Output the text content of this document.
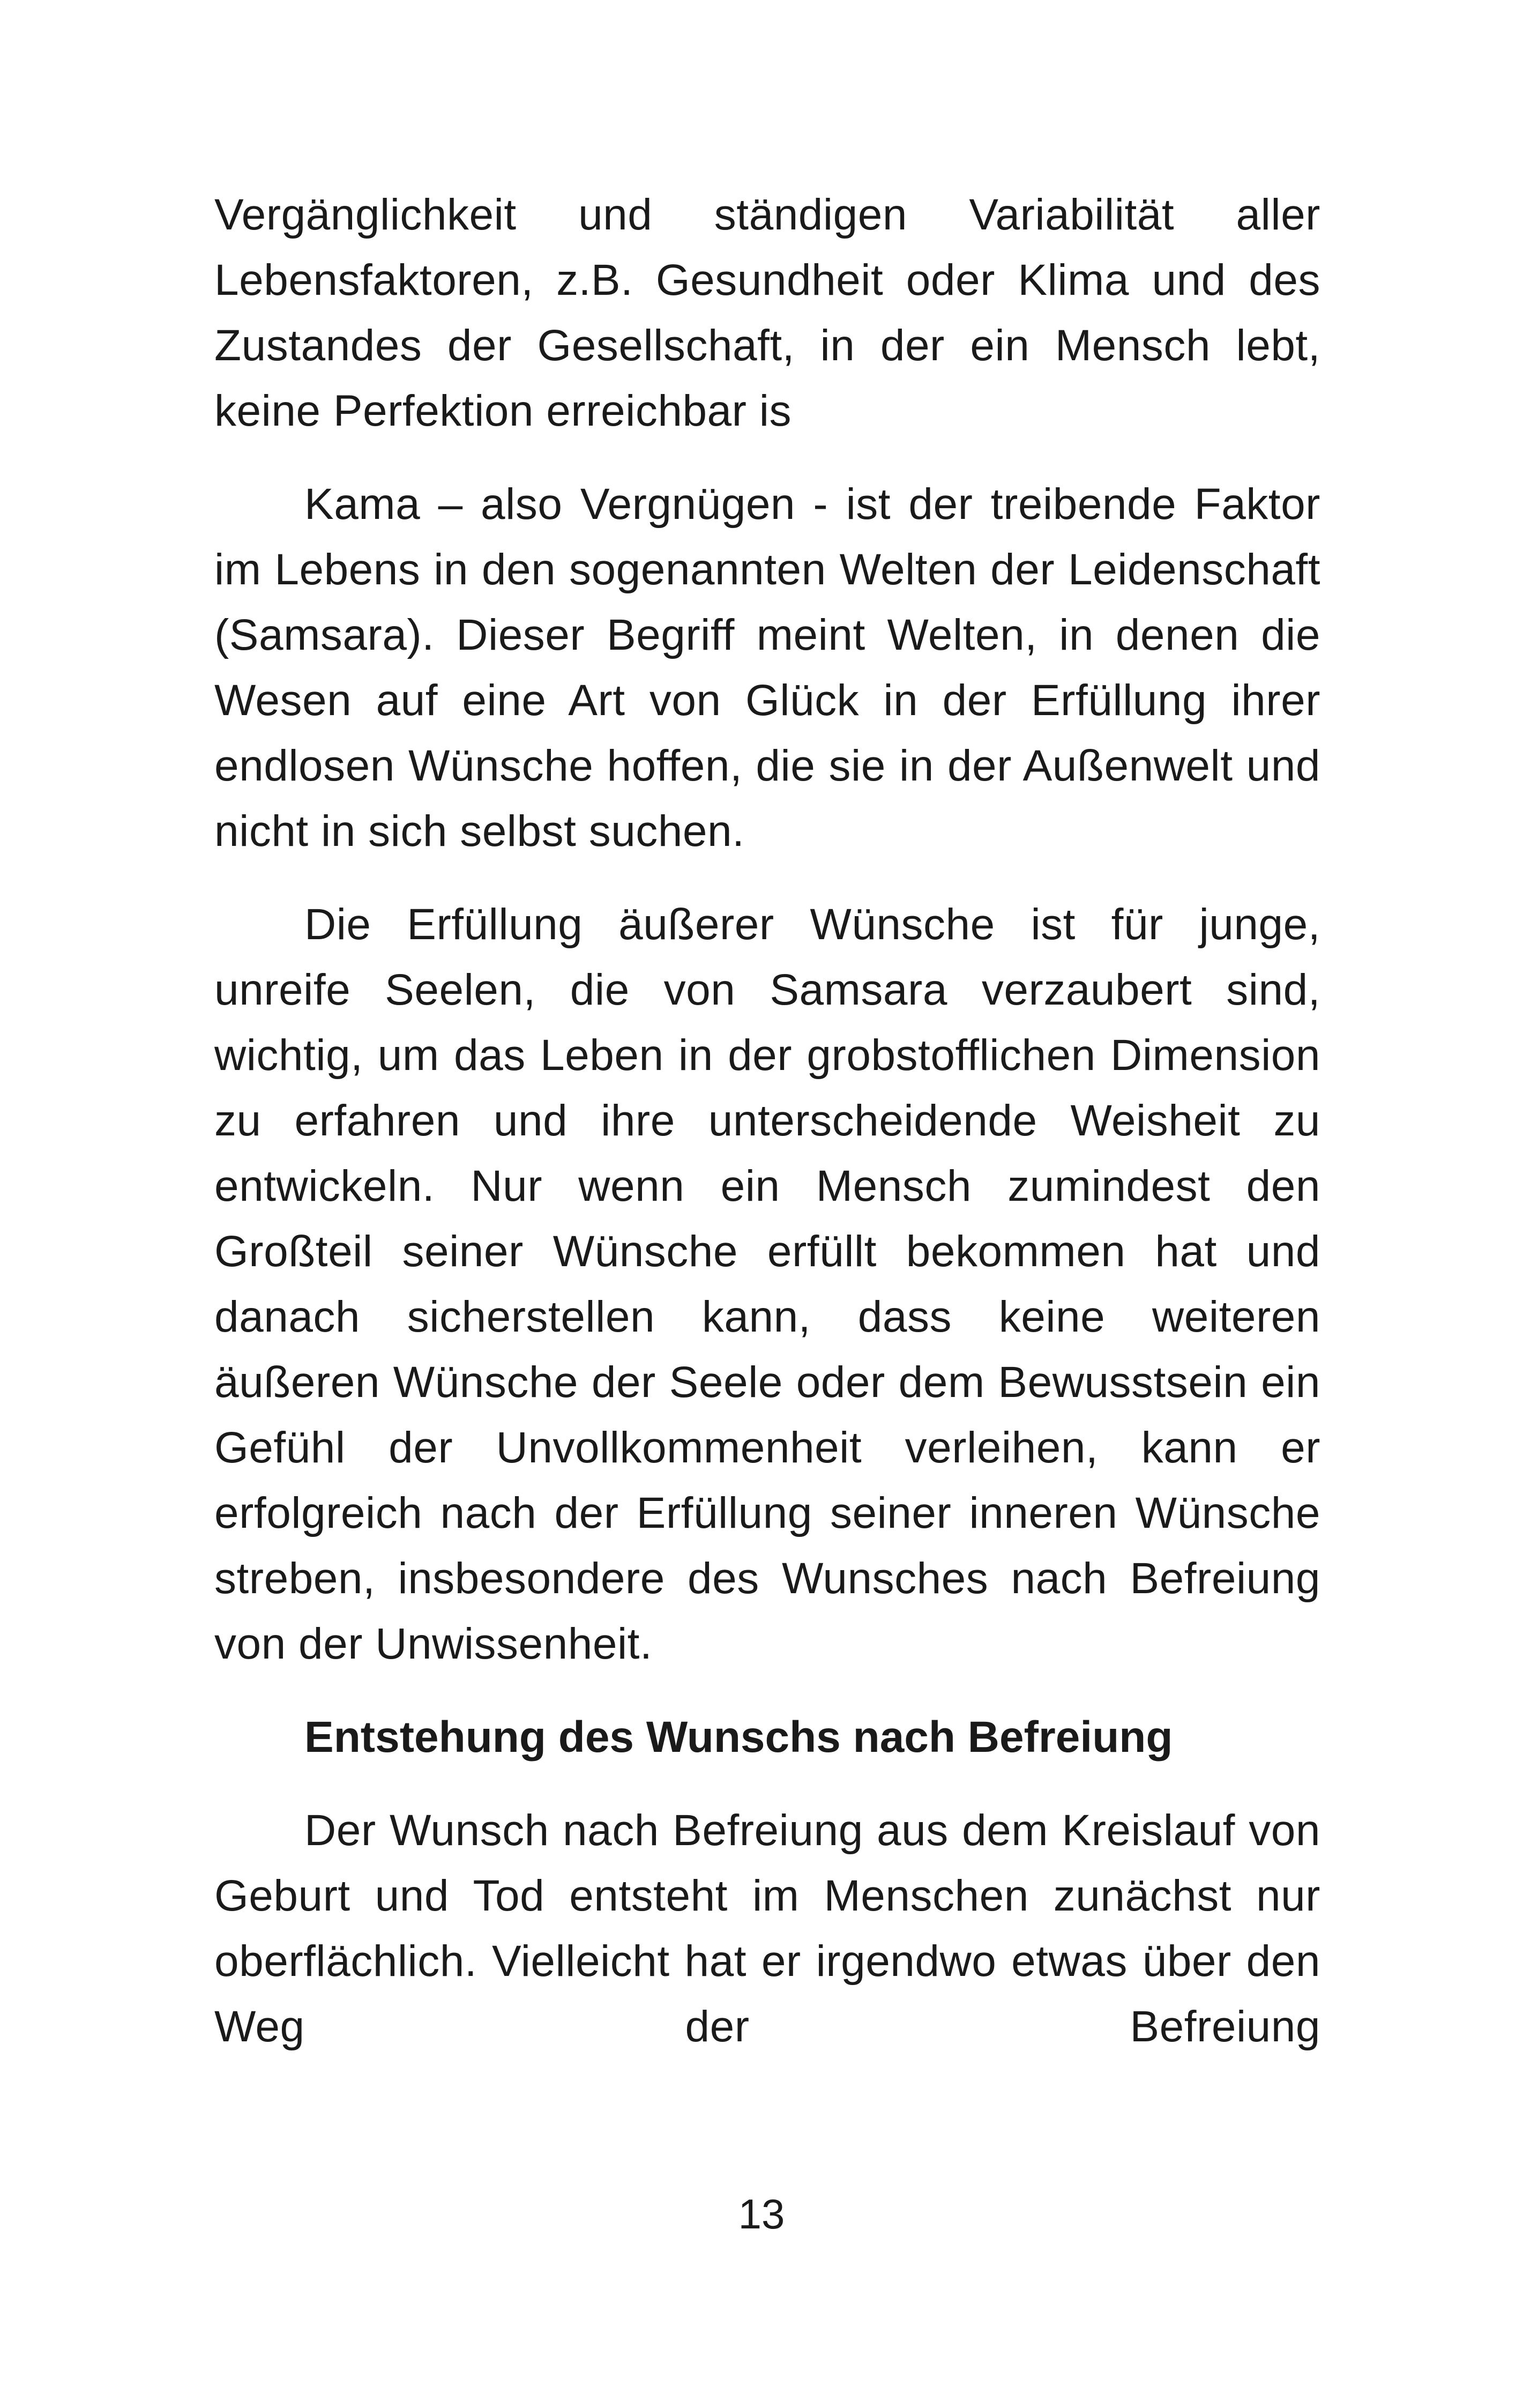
Vergänglichkeit und ständigen Variabilität aller Lebensfaktoren, z.B. Gesundheit oder Klima und des Zustandes der Gesellschaft, in der ein Mensch lebt, keine Perfektion erreichbar is

Kama – also Vergnügen - ist der treibende Faktor im Lebens in den sogenannten Welten der Leidenschaft (Samsara). Dieser Begriff meint Welten, in denen die Wesen auf eine Art von Glück in der Erfüllung ihrer endlosen Wünsche hoffen, die sie in der Außenwelt und nicht in sich selbst suchen.

Die Erfüllung äußerer Wünsche ist für junge, unreife Seelen, die von Samsara verzaubert sind, wichtig, um das Leben in der grobstofflichen Dimension zu erfahren und ihre unterscheidende Weisheit zu entwickeln. Nur wenn ein Mensch zumindest den Großteil seiner Wünsche erfüllt bekommen hat und danach sicherstellen kann, dass keine weiteren äußeren Wünsche der Seele oder dem Bewusstsein ein Gefühl der Unvollkommenheit verleihen, kann er erfolgreich nach der Erfüllung seiner inneren Wünsche streben, insbesondere des Wunsches nach Befreiung von der Unwissenheit.

Entstehung des Wunschs nach Befreiung

Der Wunsch nach Befreiung aus dem Kreislauf von Geburt und Tod entsteht im Menschen zunächst nur oberflächlich. Vielleicht hat er irgendwo etwas über den Weg der Befreiung

13
